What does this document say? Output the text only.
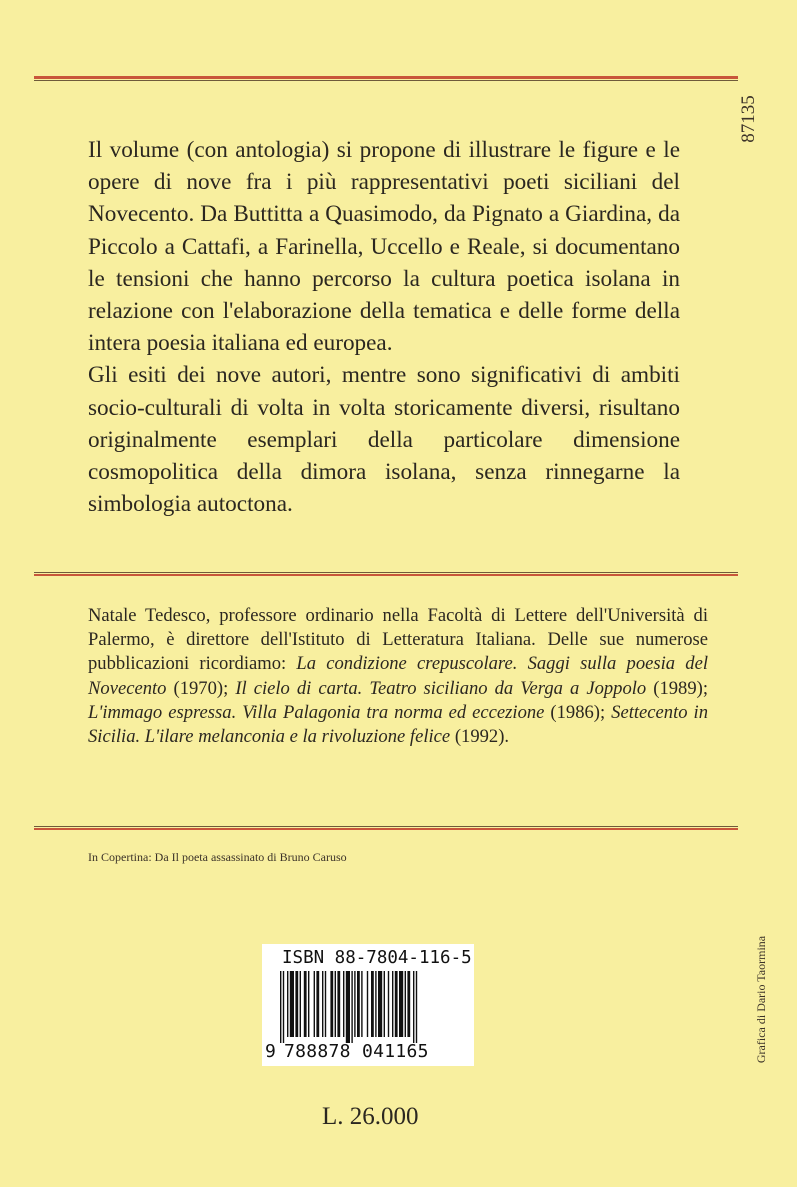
87135

Il volume (con antologia) si propone di illustrare le figure e le opere di nove fra i più rappresentativi poeti siciliani del Novecento. Da Buttitta a Quasimodo, da Pignato a Giardina, da Piccolo a Cattafi, a Farinella, Uccello e Reale, si documentano le tensioni che hanno percorso la cultura poetica isolana in relazione con l'elaborazione della tematica e delle forme della intera poesia italiana ed europea.

Gli esiti dei nove autori, mentre sono significativi di ambiti socio-culturali di volta in volta storicamente diversi, risultano originalmente esemplari della particolare dimensione cosmopolitica della dimora isolana, senza rinnegarne la simbologia autoctona.

Natale Tedesco, professore ordinario nella Facoltà di Lettere dell'Università di Palermo, è direttore dell'Istituto di Letteratura Italiana. Delle sue numerose pubblicazioni ricordiamo: La condizione crepuscolare. Saggi sulla poesia del Novecento (1970); Il cielo di carta. Teatro siciliano da Verga a Joppolo (1989); L'immago espressa. Villa Palagonia tra norma ed eccezione (1986); Settecento in Sicilia. L'ilare melanconia e la rivoluzione felice (1992).

In Copertina: Da Il poeta assassinato di Bruno Caruso
ISBN 88-7804-116-5
9 788878 041165	Grafica di Dario Taormina
L. 26.000
